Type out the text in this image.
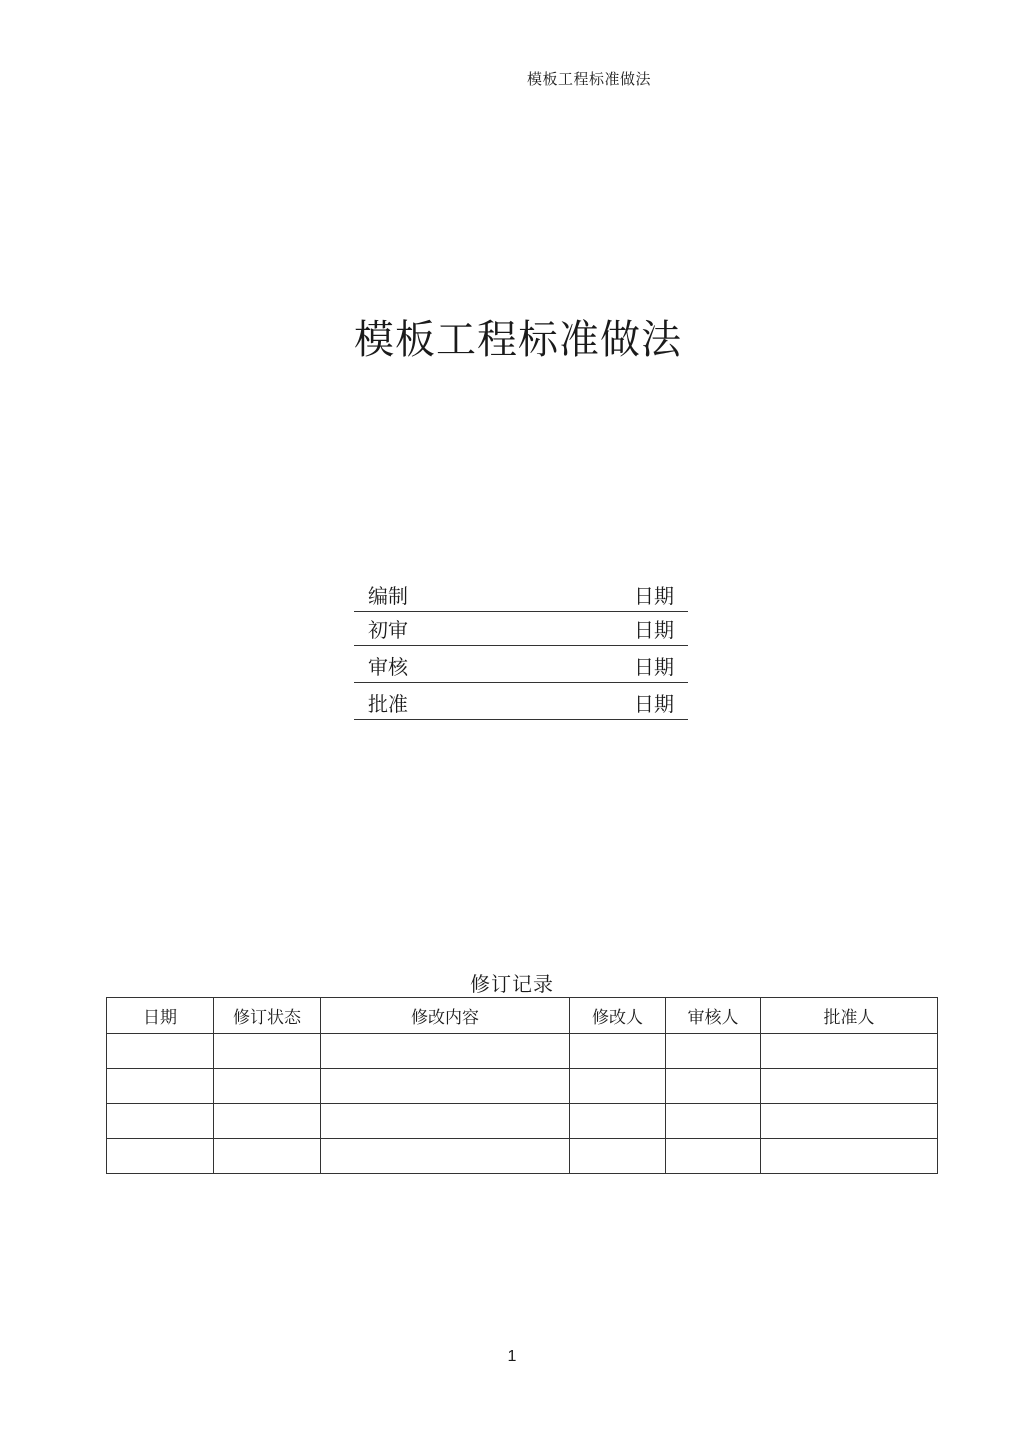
模板工程标准做法
模板工程标准做法
编制	日期
初审	日期
审核	日期
批准	日期
修订记录
日期	修订状态	修改内容	修改人	审核人	批准人

1
